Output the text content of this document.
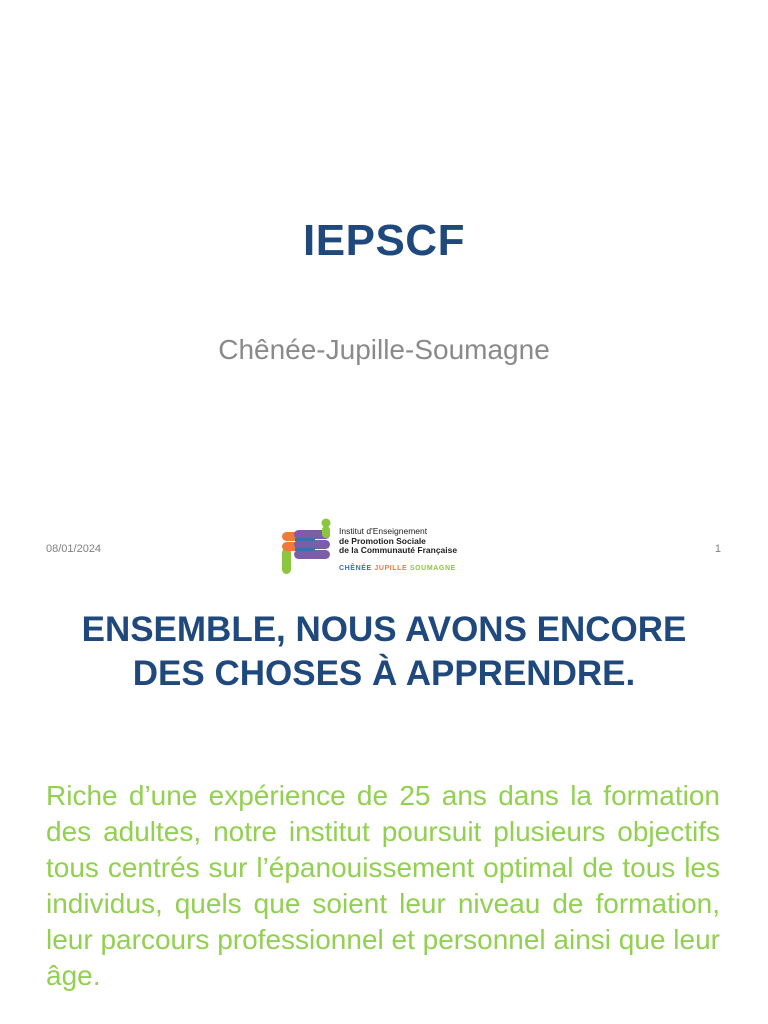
IEPSCF
Chênée-Jupille-Soumagne
08/01/2024
Institut d'Enseignement
de Promotion Sociale
de la Communauté Française
CHÊNÉE JUPILLE SOUMAGNE
1
ENSEMBLE, NOUS AVONS ENCORE
DES CHOSES À APPRENDRE.
Riche d’une expérience de 25 ans dans la formation des adultes, notre institut poursuit plusieurs objectifs tous centrés sur l’épanouissement optimal de tous les individus, quels que soient leur niveau de formation, leur parcours professionnel et personnel ainsi que leur âge.
